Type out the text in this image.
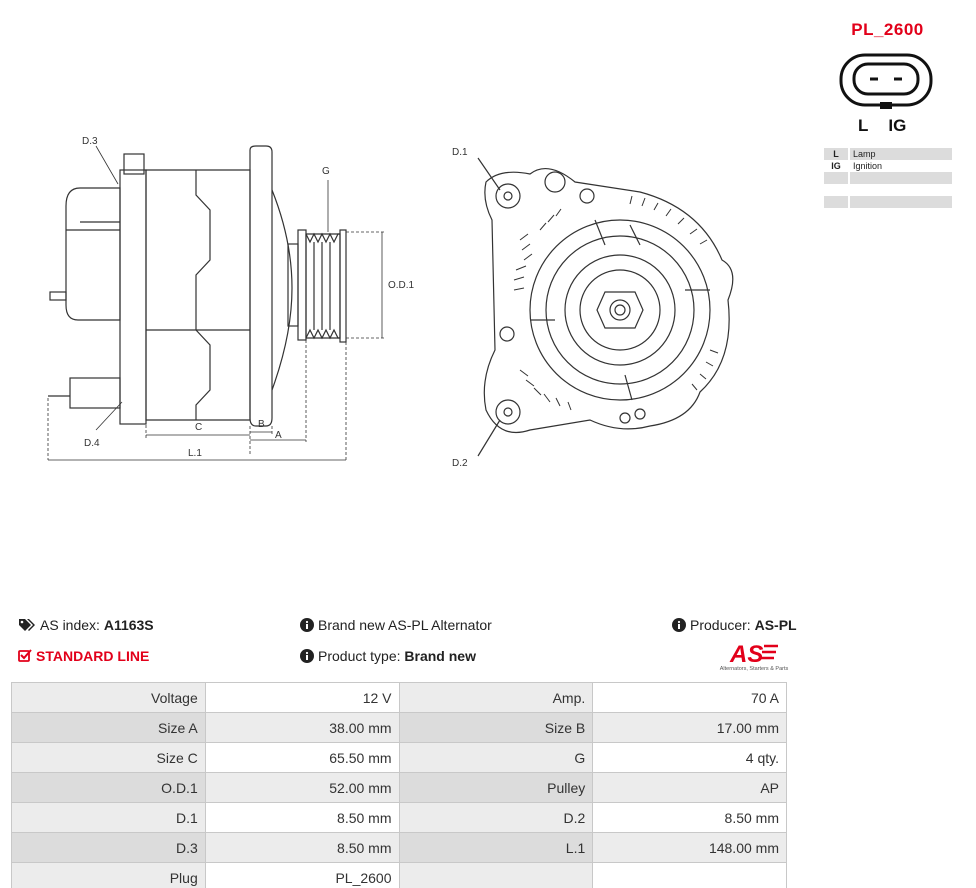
D.3
D.4
G
O.D.1
C	B
A
L.1
D.1
D.2
PL_2600
L IG
L	Lamp
IG	Ignition

AS index: A1163S	Brand new AS-PL Alternator	Producer: AS-PL
STANDARD LINE	Product type: Brand new	AS
Alternators, Starters & Parts
Voltage	12 V	Amp.	70 A
Size A	38.00 mm	Size B	17.00 mm
Size C	65.50 mm	G	4 qty.
O.D.1	52.00 mm	Pulley	AP
D.1	8.50 mm	D.2	8.50 mm
D.3	8.50 mm	L.1	148.00 mm
Plug	PL_2600		
